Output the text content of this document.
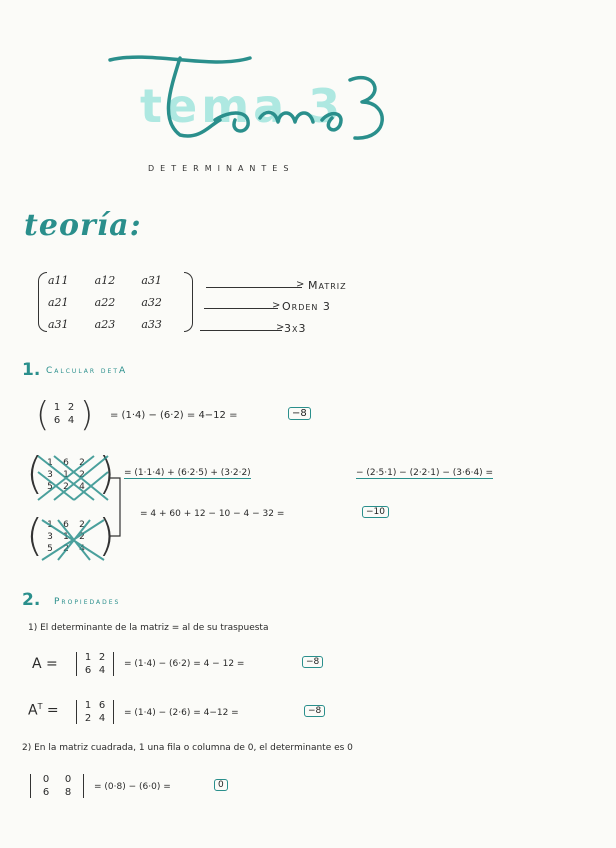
tema 3
DETERMINANTES
teoría:
a11	a12	a31
a21	a22	a32
a31	a23	a33
> Matriz
> Orden 3
> 3x3
1. Calcular detA
( 1 2
6 4 ) = (1·4) − (6·2) = 4−12 =	−8
( 1	6	2
3	1	2
5	2	4 )
( 1	6	2
3	1	2
5	2	4 )
= (1·1·4) + (6·2·5) + (3·2·2)	− (2·5·1) − (2·2·1) − (3·6·4) =
= 4 + 60 + 12 − 10 − 4 − 32 =	−10
2. Propiedades
1) El determinante de la matriz = al de su traspuesta
A =	1 2
6 4
= (1·4) − (6·2) = 4 − 12 =	−8
$A^T$ =	1 6
2 4	= (1·4) − (2·6) = 4−12 =	−8
2) En la matriz cuadrada, 1 una fila o columna de 0, el determinante es 0
0	0
6	8	= (0·8) − (6·0) =	0
